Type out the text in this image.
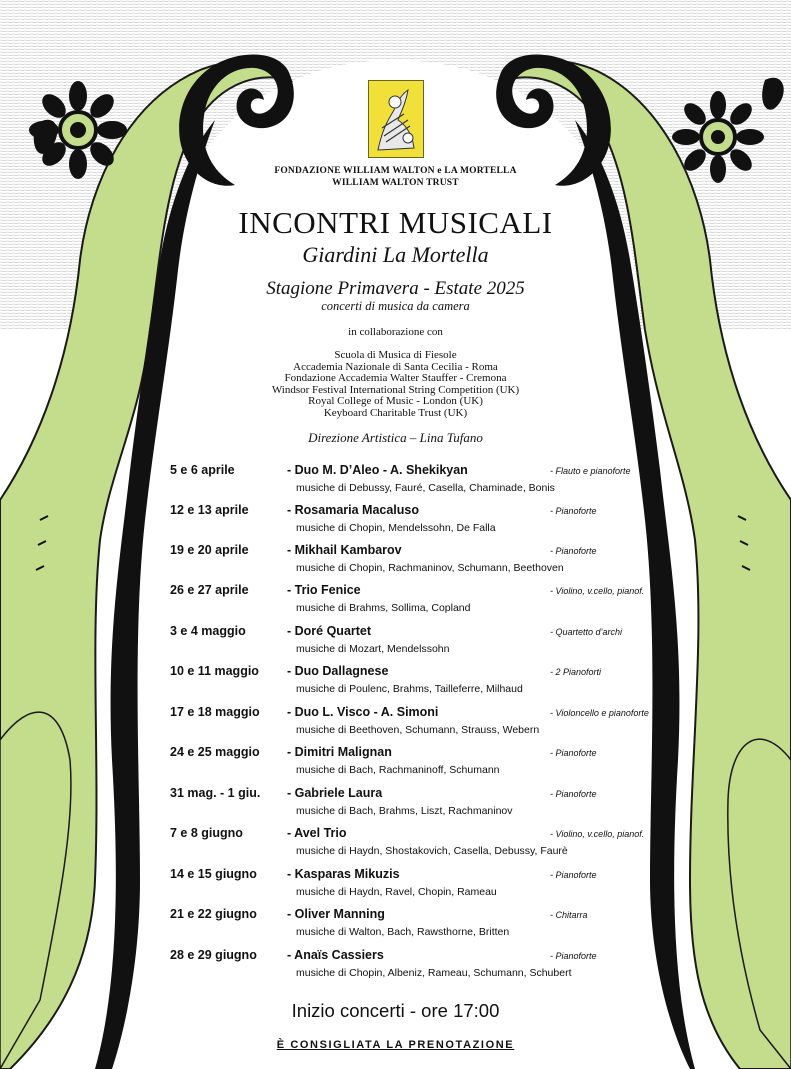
FONDAZIONE WILLIAM WALTON e LA MORTELLA
WILLIAM WALTON TRUST
INCONTRI MUSICALI
Giardini La Mortella
Stagione Primavera - Estate 2025
concerti di musica da camera
in collaborazione con
Scuola di Musica di Fiesole
Accademia Nazionale di Santa Cecilia - Roma
Fondazione Accademia Walter Stauffer - Cremona
Windsor Festival International String Competition (UK)
Royal College of Music - London (UK)
Keyboard Charitable Trust (UK)
Direzione Artistica – Lina Tufano
5 e 6 aprile	- Duo M. D’Aleo - A. Shekikyan	- Flauto e pianoforte
musiche di Debussy, Fauré, Casella, Chaminade, Bonis
12 e 13 aprile	- Rosamaria Macaluso	- Pianoforte
musiche di Chopin, Mendelssohn, De Falla
19 e 20 aprile	- Mikhail Kambarov	- Pianoforte
musiche di Chopin, Rachmaninov, Schumann, Beethoven
26 e 27 aprile	- Trio Fenice	- Violino, v.cello, pianof.
musiche di Brahms, Sollima, Copland
3 e 4 maggio	- Doré Quartet	- Quartetto d’archi
musiche di Mozart, Mendelssohn
10 e 11 maggio - Duo Dallagnese	- 2 Pianoforti
musiche di Poulenc, Brahms, Tailleferre, Milhaud
17 e 18 maggio - Duo L. Visco - A. Simoni	- Violoncello e pianoforte
musiche di Beethoven, Schumann, Strauss, Webern
24 e 25 maggio - Dimitri Malignan	- Pianoforte
musiche di Bach, Rachmaninoff, Schumann
31 mag. - 1 giu. - Gabriele Laura	- Pianoforte
musiche di Bach, Brahms, Liszt, Rachmaninov
7 e 8 giugno	- Avel Trio	- Violino, v.cello, pianof.
musiche di Haydn, Shostakovich, Casella, Debussy, Faurè
14 e 15 giugno - Kasparas Mikuzis	- Pianoforte
musiche di Haydn, Ravel, Chopin, Rameau
21 e 22 giugno - Oliver Manning	- Chitarra
musiche di Walton, Bach, Rawsthorne, Britten
28 e 29 giugno - Anaïs Cassiers	- Pianoforte
musiche di Chopin, Albeniz, Rameau, Schumann, Schubert
Inizio concerti - ore 17:00
È CONSIGLIATA LA PRENOTAZIONE
